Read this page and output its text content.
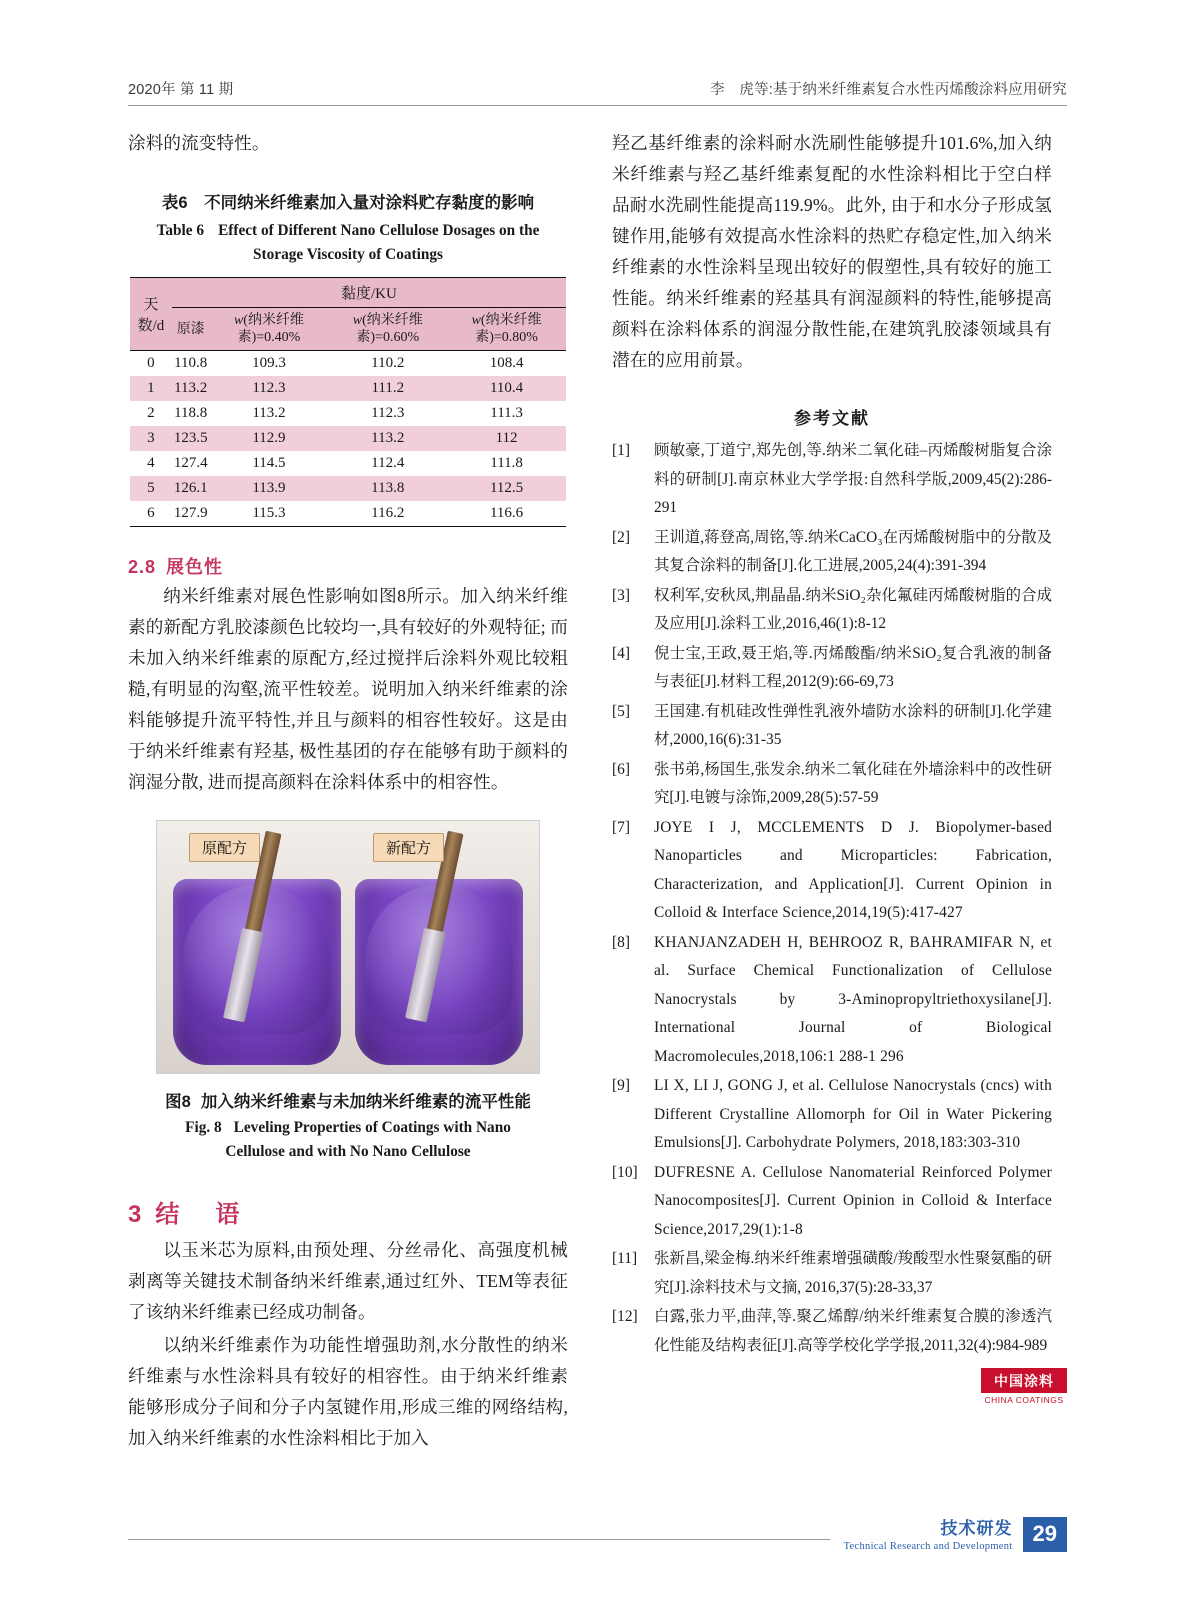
2020年 第 11 期	李　虎等:基于纳米纤维素复合水性丙烯酸涂料应用研究

涂料的流变特性。

表6　不同纳米纤维素加入量对涂料贮存黏度的影响
Table 6 Effect of Different Nano Cellulose Dosages on the
Storage Viscosity of Coatings
天数/d	黏度/KU			
	原漆	w(纳米纤维素)=0.40%	w(纳米纤维素)=0.60%	w(纳米纤维素)=0.80%
0	110.8	109.3	110.2	108.4
1	113.2	112.3	111.2	110.4
2	118.8	113.2	112.3	111.3
3	123.5	112.9	113.2	112
4	127.4	114.5	112.4	111.8
5	126.1	113.9	113.8	112.5
6	127.9	115.3	116.2	116.6
2.8 展色性

纳米纤维素对展色性影响如图8所示。加入纳米纤维素的新配方乳胶漆颜色比较均一,具有较好的外观特征; 而未加入纳米纤维素的原配方,经过搅拌后涂料外观比较粗糙,有明显的沟壑,流平性较差。说明加入纳米纤维素的涂料能够提升流平特性,并且与颜料的相容性较好。这是由于纳米纤维素有羟基, 极性基团的存在能够有助于颜料的润湿分散, 进而提高颜料在涂料体系中的相容性。

原配方	新配方
图8 加入纳米纤维素与未加纳米纤维素的流平性能
Fig. 8 Leveling Properties of Coatings with Nano
Cellulose and with No Nano Cellulose
3 结　语

以玉米芯为原料,由预处理、分丝帚化、高强度机械剥离等关键技术制备纳米纤维素,通过红外、TEM等表征了该纳米纤维素已经成功制备。

以纳米纤维素作为功能性增强助剂,水分散性的纳米纤维素与水性涂料具有较好的相容性。由于纳米纤维素能够形成分子间和分子内氢键作用,形成三维的网络结构,加入纳米纤维素的水性涂料相比于加入

羟乙基纤维素的涂料耐水洗刷性能够提升101.6%,加入纳米纤维素与羟乙基纤维素复配的水性涂料相比于空白样品耐水洗刷性能提高119.9%。此外, 由于和水分子形成氢键作用,能够有效提高水性涂料的热贮存稳定性,加入纳米纤维素的水性涂料呈现出较好的假塑性,具有较好的施工性能。纳米纤维素的羟基具有润湿颜料的特性,能够提高颜料在涂料体系的润湿分散性能,在建筑乳胶漆领域具有潜在的应用前景。

参考文献
[1]	顾敏豪,丁道宁,郑先创,等.纳米二氧化硅–丙烯酸树脂复合涂料的研制[J].南京林业大学学报:自然科学版,2009,45(2):286-291
[2]	王训道,蒋登高,周铭,等.纳米CaCO₃在丙烯酸树脂中的分散及其复合涂料的制备[J].化工进展,2005,24(4):391-394
[3]	权利军,安秋凤,荆晶晶.纳米SiO₂杂化氟硅丙烯酸树脂的合成及应用[J].涂料工业,2016,46(1):8-12
[4]	倪士宝,王政,聂王焰,等.丙烯酸酯/纳米SiO₂复合乳液的制备与表征[J].材料工程,2012(9):66-69,73
[5]	王国建.有机硅改性弹性乳液外墙防水涂料的研制[J].化学建材,2000,16(6):31-35
[6]	张书弟,杨国生,张发余.纳米二氧化硅在外墙涂料中的改性研究[J].电镀与涂饰,2009,28(5):57-59
[7]	JOYE I J, MCCLEMENTS D J. Biopolymer-based Nanoparticles and Microparticles: Fabrication, Characterization, and Application[J]. Current Opinion in Colloid & Interface Science,2014,19(5):417-427
[8]	KHANJANZADEH H, BEHROOZ R, BAHRAMIFAR N, et al. Surface Chemical Functionalization of Cellulose Nanocrystals by 3-Aminopropyltriethoxysilane[J]. International Journal of Biological Macromolecules,2018,106:1 288-1 296
[9]	LI X, LI J, GONG J, et al. Cellulose Nanocrystals (cncs) with Different Crystalline Allomorph for Oil in Water Pickering Emulsions[J]. Carbohydrate Polymers, 2018,183:303-310
[10]	DUFRESNE A. Cellulose Nanomaterial Reinforced Polymer Nanocomposites[J]. Current Opinion in Colloid & Interface Science,2017,29(1):1-8
[11]	张新昌,梁金梅.纳米纤维素增强磺酸/羧酸型水性聚氨酯的研究[J].涂料技术与文摘, 2016,37(5):28-33,37
[12]	白露,张力平,曲萍,等.聚乙烯醇/纳米纤维素复合膜的渗透汽化性能及结构表征[J].高等学校化学学报,2011,32(4):984-989
中国涂料
CHINA COATINGS
技术研发
Technical Research and Development
29
